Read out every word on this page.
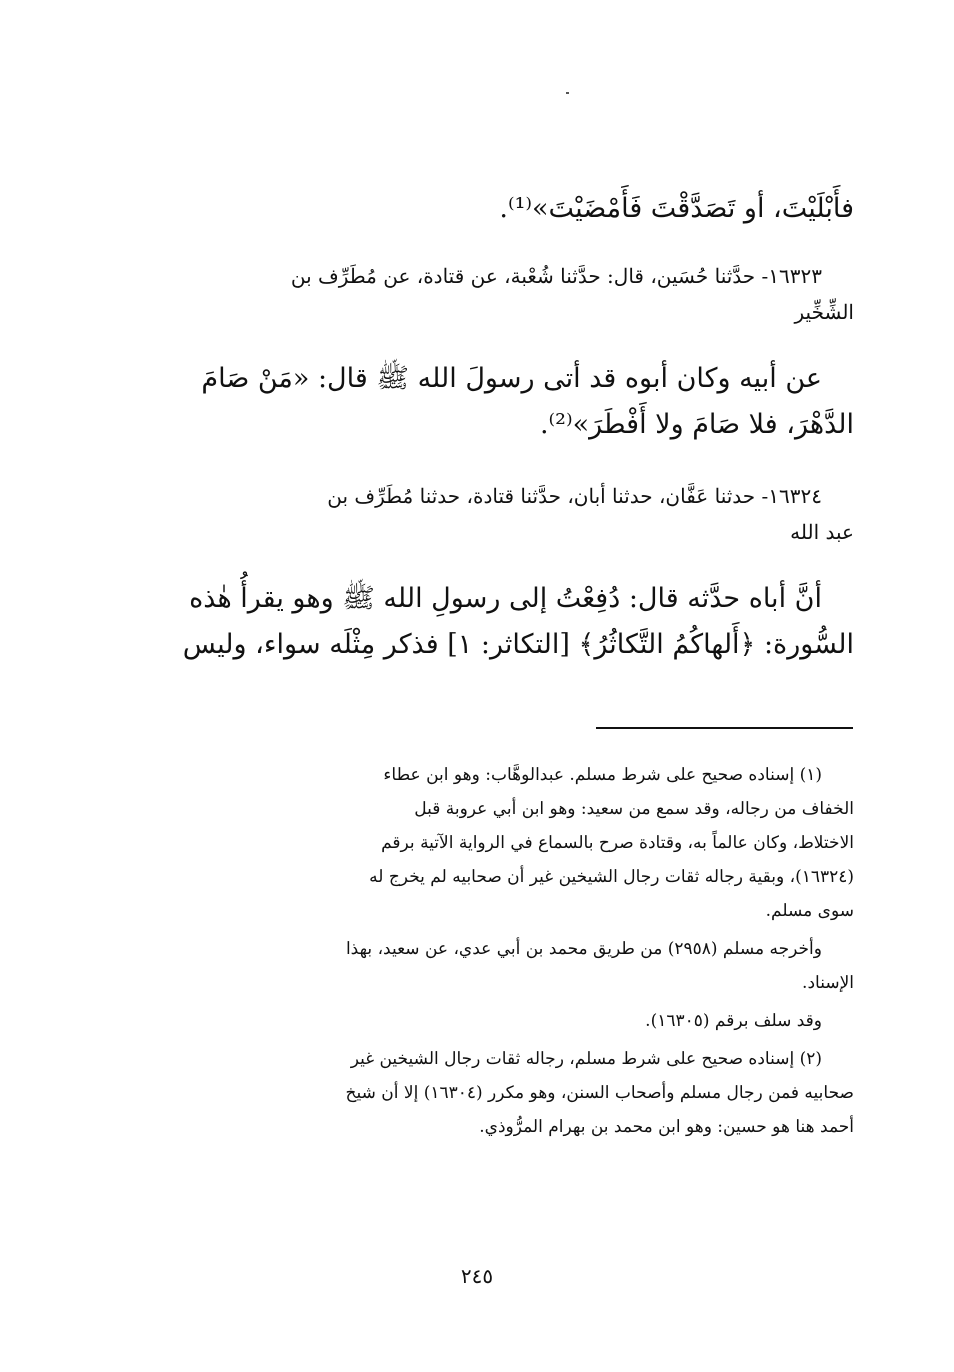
فأَبْلَيْتَ، أو تَصَدَّقْتَ فَأَمْضَيْتَ»⁽¹⁾.
١٦٣٢٣- حدَّثنا حُسَين، قال: حدَّثنا شُعْبة، عن قتادة، عن مُطَرِّف بن
الشِّخِّير
عن أبيه وكان أبوه قد أتى رسولَ الله ﷺ قال: «مَنْ صَامَ
الدَّهْرَ، فلا صَامَ ولا أَفْطَرَ»⁽²⁾.
١٦٣٢٤- حدثنا عَفَّان، حدثنا أبان، حدَّثنا قتادة، حدثنا مُطَرِّف بن
عبد الله
أنَّ أباه حدَّثه قال: دُفِعْتُ إلى رسولِ الله ﷺ وهو يقرأُ هٰذه
السُّورة: ﴿أَلهاكُمُ التَّكاثُرُ﴾ [التكاثر: ١] فذكر مِثْلَه سواء، وليس
(١) إسناده صحيح على شرط مسلم. عبدالوهَّاب: وهو ابن عطاء
الخفاف من رجاله، وقد سمع من سعيد: وهو ابن أبي عروبة قبل
الاختلاط، وكان عالماً به، وقتادة صرح بالسماع في الرواية الآتية برقم
(١٦٣٢٤)، وبقية رجاله ثقات رجال الشيخين غير أن صحابيه لم يخرج له
سوى مسلم.
وأخرجه مسلم (٢٩٥٨) من طريق محمد بن أبي عدي، عن سعيد، بهذا
الإسناد.
وقد سلف برقم (١٦٣٠٥).
(٢) إسناده صحيح على شرط مسلم، رجاله ثقات رجال الشيخين غير
صحابيه فمن رجال مسلم وأصحاب السنن، وهو مكرر (١٦٣٠٤) إلا أن شيخ
أحمد هنا هو حسين: وهو ابن محمد بن بهرام المرُّوذي.
٢٤٥
